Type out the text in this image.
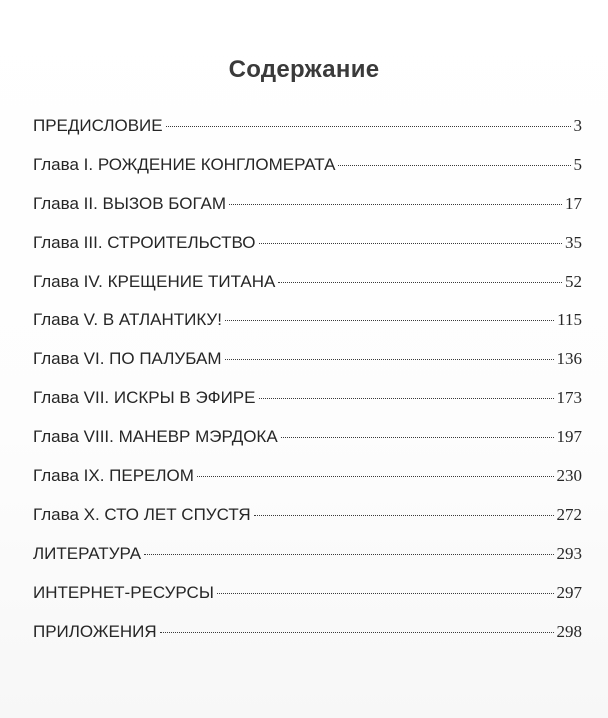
Содержание
ПРЕДИСЛОВИЕ	3
Глава I. РОЖДЕНИЕ КОНГЛОМЕРАТА	5
Глава II. ВЫЗОВ БОГАМ	17
Глава III. СТРОИТЕЛЬСТВО	35
Глава IV. КРЕЩЕНИЕ ТИТАНА	52
Глава V. В АТЛАНТИКУ!	115
Глава VI. ПО ПАЛУБАМ	136
Глава VII. ИСКРЫ В ЭФИРЕ	173
Глава VIII. МАНЕВР МЭРДОКА	197
Глава IX. ПЕРЕЛОМ	230
Глава X. СТО ЛЕТ СПУСТЯ	272
ЛИТЕРАТУРА	293
ИНТЕРНЕТ-РЕСУРСЫ	297
ПРИЛОЖЕНИЯ	298
